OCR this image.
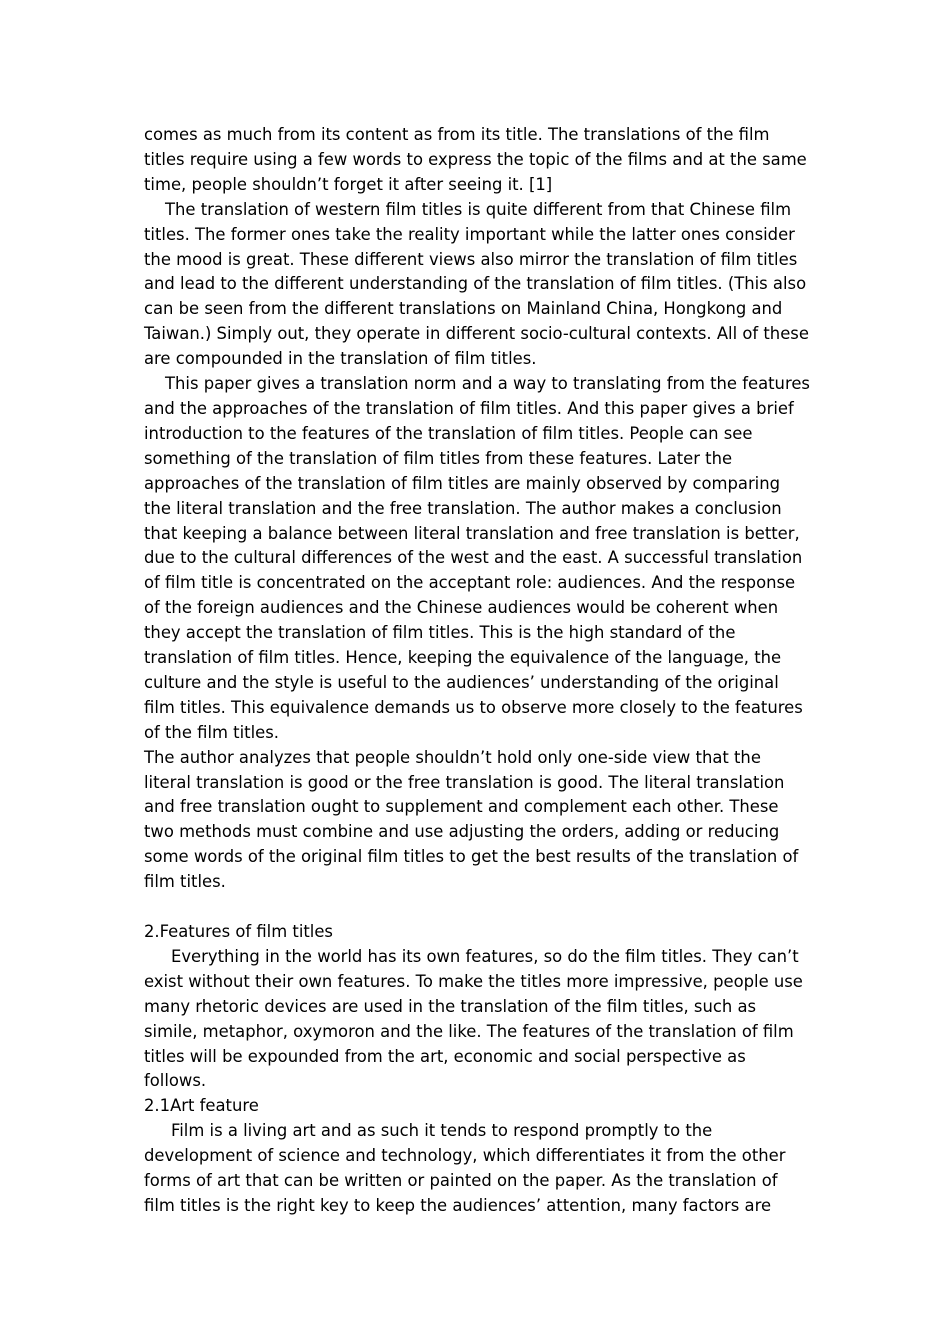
comes as much from its content as from its title. The translations of the film titles require using a few words to express the topic of the films and at the same time, people shouldn’t forget it after seeing it. [1]

The translation of western film titles is quite different from that Chinese film titles. The former ones take the reality important while the latter ones consider the mood is great. These different views also mirror the translation of film titles and lead to the different understanding of the translation of film titles. (This also can be seen from the different translations on Mainland China, Hongkong and Taiwan.) Simply out, they operate in different socio-cultural contexts. All of these are compounded in the translation of film titles.

This paper gives a translation norm and a way to translating from the features and the approaches of the translation of film titles. And this paper gives a brief introduction to the features of the translation of film titles. People can see something of the translation of film titles from these features. Later the approaches of the translation of film titles are mainly observed by comparing the literal translation and the free translation. The author makes a conclusion that keeping a balance between literal translation and free translation is better, due to the cultural differences of the west and the east. A successful translation of film title is concentrated on the acceptant role: audiences. And the response of the foreign audiences and the Chinese audiences would be coherent when they accept the translation of film titles. This is the high standard of the translation of film titles. Hence, keeping the equivalence of the language, the culture and the style is useful to the audiences’ understanding of the original film titles. This equivalence demands us to observe more closely to the features of the film titles.

The author analyzes that people shouldn’t hold only one-side view that the literal translation is good or the free translation is good. The literal translation and free translation ought to supplement and complement each other. These two methods must combine and use adjusting the orders, adding or reducing some words of the original film titles to get the best results of the translation of film titles.

2.Features of film titles

Everything in the world has its own features, so do the film titles. They can’t exist without their own features. To make the titles more impressive, people use many rhetoric devices are used in the translation of the film titles, such as simile, metaphor, oxymoron and the like. The features of the translation of film titles will be expounded from the art, economic and social perspective as follows.

2.1Art feature

Film is a living art and as such it tends to respond promptly to the development of science and technology, which differentiates it from the other forms of art that can be written or painted on the paper. As the translation of film titles is the right key to keep the audiences’ attention, many factors are
